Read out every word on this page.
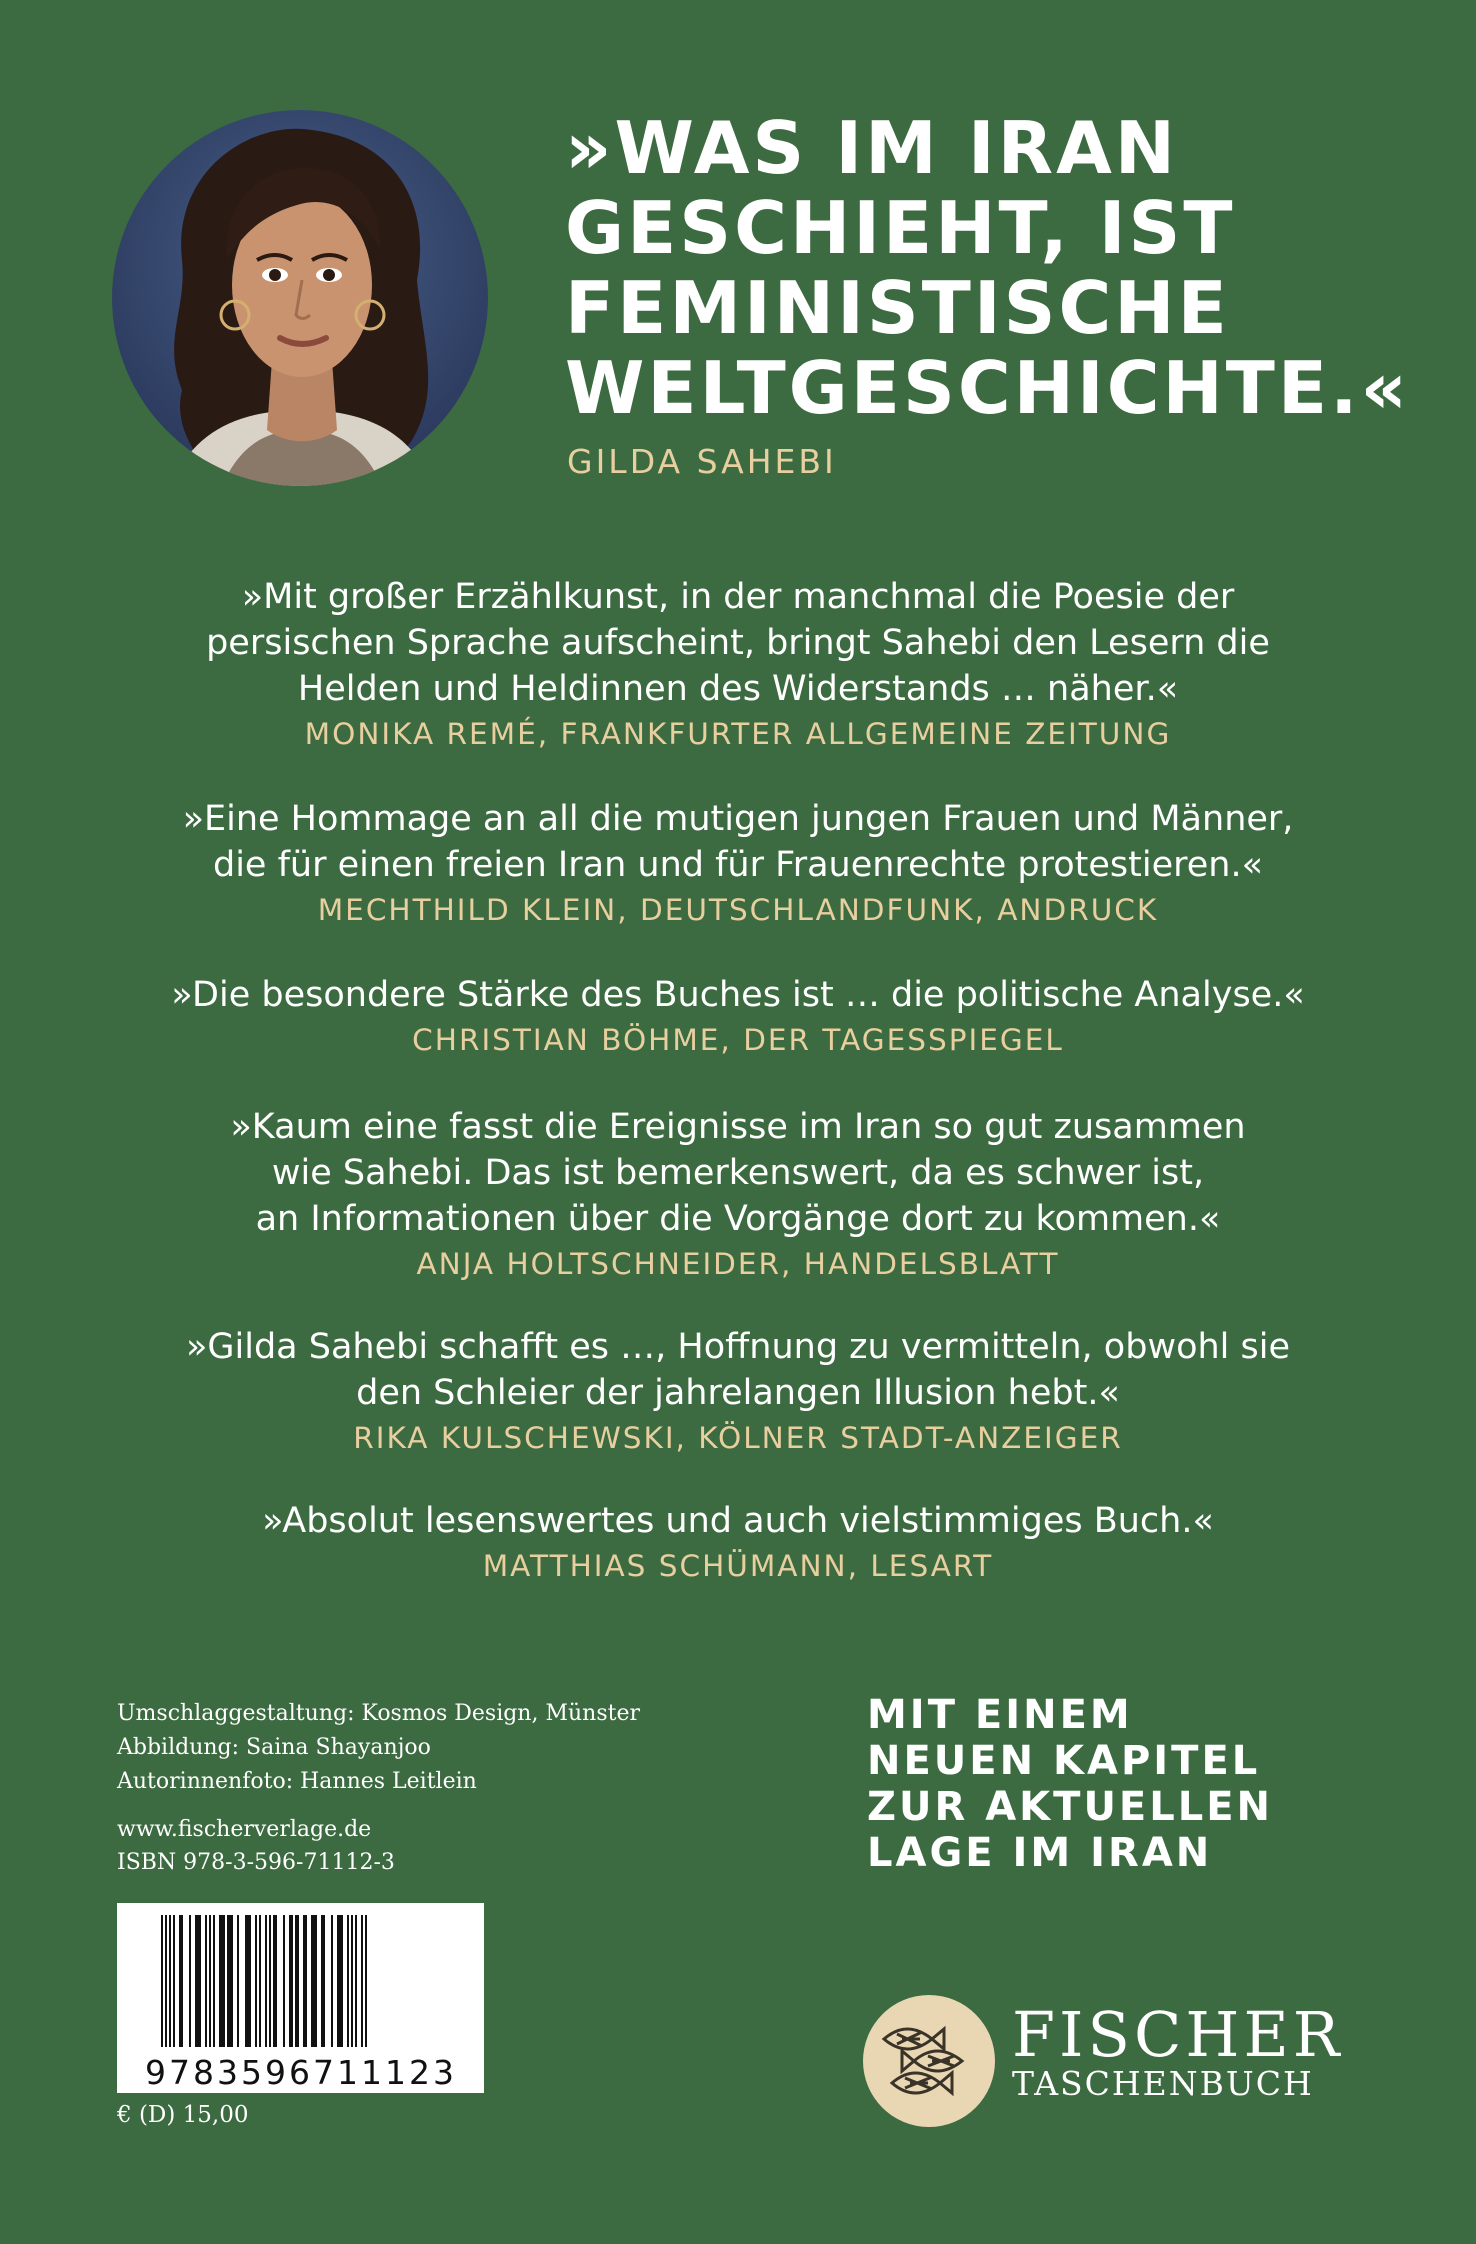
»WAS IM IRAN
GESCHIEHT, IST
FEMINISTISCHE
WELTGESCHICHTE.«
GILDA SAHEBI
»Mit großer Erzählkunst, in der manchmal die Poesie der
persischen Sprache aufscheint, bringt Sahebi den Lesern die
Helden und Heldinnen des Widerstands … näher.«
MONIKA REMÉ, FRANKFURTER ALLGEMEINE ZEITUNG
»Eine Hommage an all die mutigen jungen Frauen und Männer,
die für einen freien Iran und für Frauenrechte protestieren.«
MECHTHILD KLEIN, DEUTSCHLANDFUNK, ANDRUCK
»Die besondere Stärke des Buches ist … die politische Analyse.«
CHRISTIAN BÖHME, DER TAGESSPIEGEL
»Kaum eine fasst die Ereignisse im Iran so gut zusammen
wie Sahebi. Das ist bemerkenswert, da es schwer ist,
an Informationen über die Vorgänge dort zu kommen.«
ANJA HOLTSCHNEIDER, HANDELSBLATT
»Gilda Sahebi schafft es …, Hoffnung zu vermitteln, obwohl sie
den Schleier der jahrelangen Illusion hebt.«
RIKA KULSCHEWSKI, KÖLNER STADT-ANZEIGER
»Absolut lesenswertes und auch vielstimmiges Buch.«
MATTHIAS SCHÜMANN, LESART
Umschlaggestaltung: Kosmos Design, Münster
Abbildung: Saina Shayanjoo
Autorinnenfoto: Hannes Leitlein
www.fischerverlage.de
ISBN 978-3-596-71112-3
9783596711123
€ (D) 15,00
MIT EINEM
NEUEN KAPITEL
ZUR AKTUELLEN
LAGE IM IRAN
FISCHER
TASCHENBUCH
